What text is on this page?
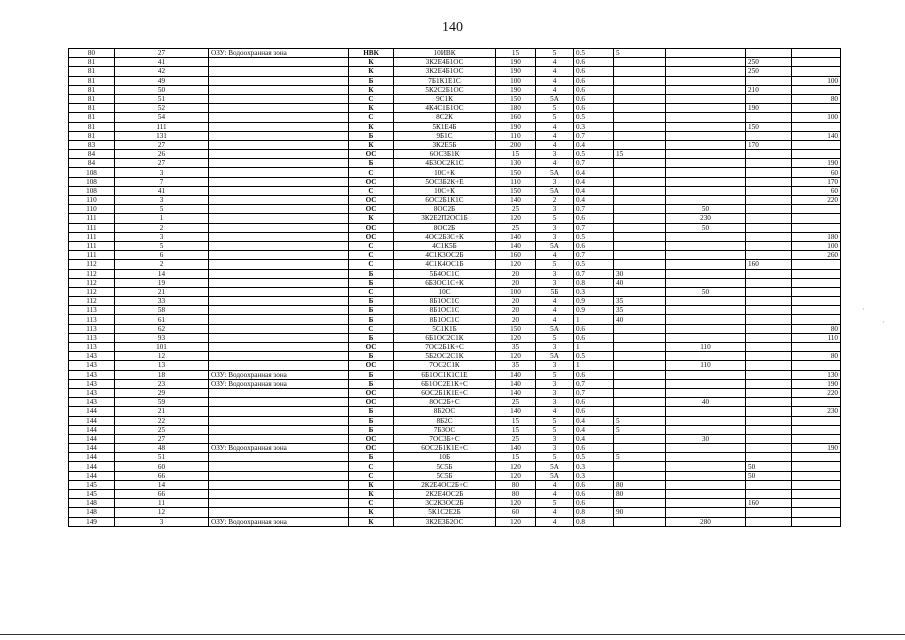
140
80	27	ОЗУ: Водоохранная зона	НВК	10ИВК	15	5	0.5	5			
81	41		К	3К2Е4Б1ОС	190	4	0.6			250	
81	42		К	3К2Е4Б1ОС	190	4	0.6			250	
81	49		Б	7Б1К1Е1С	100	4	0.6				100
81	50		К	5К2С2Б1ОС	190	4	0.6			210	
81	51		С	9С1К	150	5А	0.6				80
81	52		К	4К4С1Б1ОС	180	5	0.6			190	
81	54		С	8С2К	160	5	0.5				100
81	111		К	5К1Е4Б	190	4	0.3			150	
81	131		Б	9Б1С	110	4	0.7				140
83	27		К	3К2Е5Б	200	4	0.4			170	
84	26		ОС	6ОС3Б1К	15	3	0.5	15			
84	27		Б	4Б3ОС2К1С	130	4	0.7				190
108	3		С	10С+К	150	5А	0.4				60
108	7		ОС	5ОС3Б2К+Е	110	3	0.4				170
108	41		С	10С+К	150	5А	0.4				60
110	3		ОС	6ОС2Б1К1С	140	2	0.4				220
110	5		ОС	8ОС2Б	25	3	0.7		50		
111	1		К	3К2Е2П2ОС1Б	120	5	0.6		230		
111	2		ОС	8ОС2Б	25	3	0.7		50		
111	3		ОС	4ОС2Б3С+К	140	3	0.5				180
111	5		С	4С1К5Б	140	5А	0.6				100
111	6		С	4С1К3ОС2Б	160	4	0.7				260
112	2		С	4С1К4ОС1Б	120	5	0.5			160	
112	14		Б	5Б4ОС1С	20	3	0.7	30			
112	19		Б	6Б3ОС1С+К	20	3	0.8	40			
112	21		С	10С	100	5Б	0.3		50		
112	33		Б	8Б1ОС1С	20	4	0.9	35			
113	58		Б	8Б1ОС1С	20	4	0.9	35			
113	61		Б	8Б1ОС1С	20	4	1	40			
113	62		С	5С1К1Б	150	5А	0.6				80
113	93		Б	6Б1ОС2С1К	120	5	0.6				110
113	101		ОС	7ОС2Б1К+С	35	3	1		110		
143	12		Б	5Б2ОС2С1К	120	5А	0.5				80
143	13		ОС	7ОС2С1К	35	3	1		110		
143	18	ОЗУ: Водоохранная зона	Б	6Б1ОС1К1С1Е	140	5	0.6				130
143	23	ОЗУ: Водоохранная зона	Б	6Б1ОС2Е1К+С	140	3	0.7				190
143	29		ОС	6ОС2Б1К1Е+С	140	3	0.7				220
143	59		ОС	8ОС2Б+С	25	3	0.6		40		
144	21		Б	8Б2ОС	140	4	0.6				230
144	22		Б	8Б2С	15	5	0.4	5			
144	25		Б	7Б3ОС	15	5	0.4	5			
144	27		ОС	7ОС3Б+С	25	3	0.4		30		
144	48	ОЗУ: Водоохранная зона	ОС	6ОС2Б1К1Е+С	140	3	0.6				190
144	51		Б	10Б	15	5	0.5	5			
144	60		С	5С5Б	120	5А	0.3			50	
144	66		С	5С5Б	120	5А	0.3			50	
145	14		К	2К2Е4ОС2Б+С	80	4	0.6	80			
145	66		К	2К2Е4ОС2Б	80	4	0.6	80			
148	11		С	3С2К3ОС2Б	120	5	0.6			160	
148	12		К	5К1С2Е2Б	60	4	0.8	90			
149	3	ОЗУ: Водоохранная зона	К	3К2Е3Б2ОС	120	4	0.8		280		
·
·
